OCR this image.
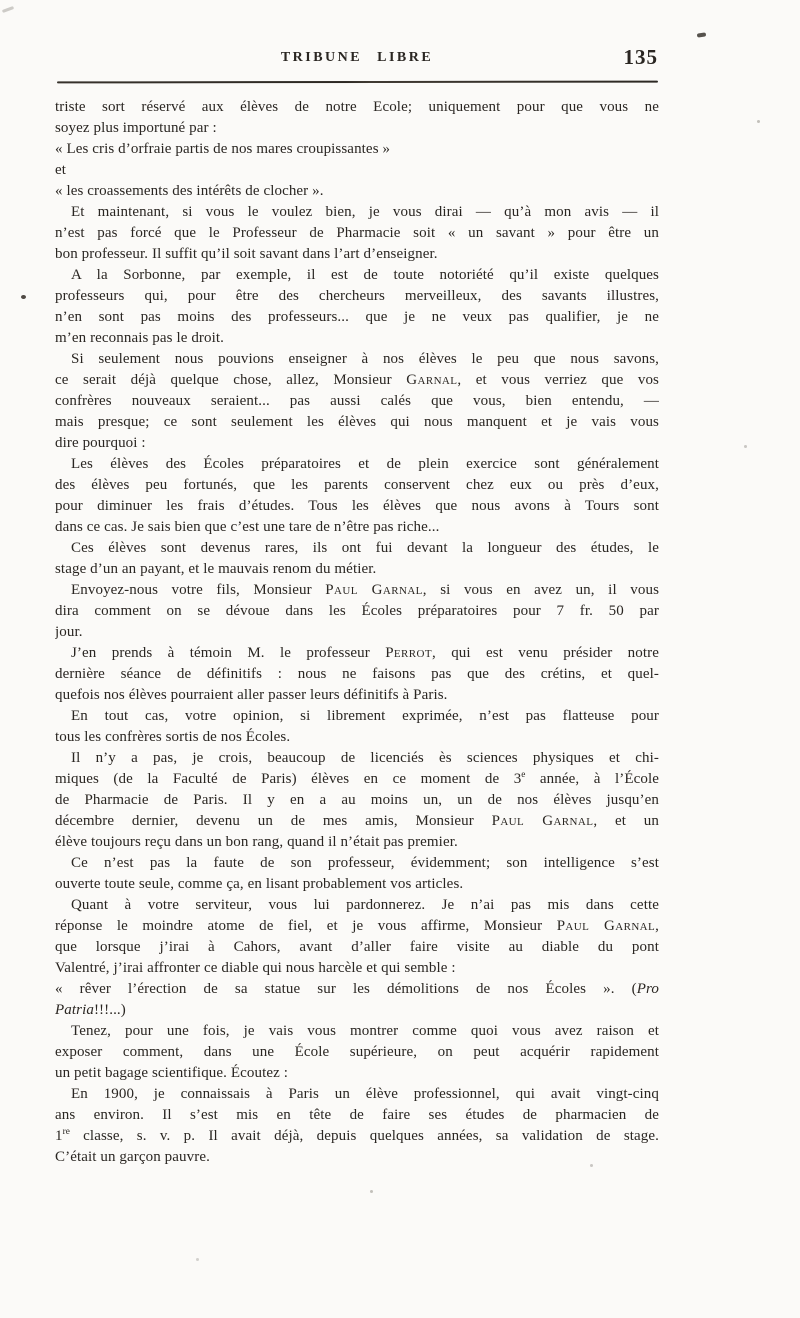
TRIBUNE LIBRE	135
triste sort réservé aux élèves de notre Ecole; uniquement pour que vous ne
soyez plus importuné par :
« Les cris d’orfraie partis de nos mares croupissantes »
et
« les croassements des intérêts de clocher ».
Et maintenant, si vous le voulez bien, je vous dirai — qu’à mon avis — il
n’est pas forcé que le Professeur de Pharmacie soit « un savant » pour être un
bon professeur. Il suffit qu’il soit savant dans l’art d’enseigner.
A la Sorbonne, par exemple, il est de toute notoriété qu’il existe quelques
professeurs qui, pour être des chercheurs merveilleux, des savants illustres,
n’en sont pas moins des professeurs... que je ne veux pas qualifier, je ne
m’en reconnais pas le droit.
Si seulement nous pouvions enseigner à nos élèves le peu que nous savons,
ce serait déjà quelque chose, allez, Monsieur Garnal, et vous verriez que vos
confrères nouveaux seraient... pas aussi calés que vous, bien entendu, —
mais presque; ce sont seulement les élèves qui nous manquent et je vais vous
dire pourquoi :
Les élèves des Écoles préparatoires et de plein exercice sont généralement
des élèves peu fortunés, que les parents conservent chez eux ou près d’eux,
pour diminuer les frais d’études. Tous les élèves que nous avons à Tours sont
dans ce cas. Je sais bien que c’est une tare de n’être pas riche...
Ces élèves sont devenus rares, ils ont fui devant la longueur des études, le
stage d’un an payant, et le mauvais renom du métier.
Envoyez-nous votre fils, Monsieur Paul Garnal, si vous en avez un, il vous
dira comment on se dévoue dans les Écoles préparatoires pour 7 fr. 50 par
jour.
J’en prends à témoin M. le professeur Perrot, qui est venu présider notre
dernière séance de définitifs : nous ne faisons pas que des crétins, et quel-
quefois nos élèves pourraient aller passer leurs définitifs à Paris.
En tout cas, votre opinion, si librement exprimée, n’est pas flatteuse pour
tous les confrères sortis de nos Écoles.
Il n’y a pas, je crois, beaucoup de licenciés ès sciences physiques et chi-
miques (de la Faculté de Paris) élèves en ce moment de 3e année, à l’École
de Pharmacie de Paris. Il y en a au moins un, un de nos élèves jusqu’en
décembre dernier, devenu un de mes amis, Monsieur Paul Garnal, et un
élève toujours reçu dans un bon rang, quand il n’était pas premier.
Ce n’est pas la faute de son professeur, évidemment; son intelligence s’est
ouverte toute seule, comme ça, en lisant probablement vos articles.
Quant à votre serviteur, vous lui pardonnerez. Je n’ai pas mis dans cette
réponse le moindre atome de fiel, et je vous affirme, Monsieur Paul Garnal,
que lorsque j’irai à Cahors, avant d’aller faire visite au diable du pont
Valentré, j’irai affronter ce diable qui nous harcèle et qui semble :
« rêver l’érection de sa statue sur les démolitions de nos Écoles ». (Pro
Patria!!!...)
Tenez, pour une fois, je vais vous montrer comme quoi vous avez raison et
exposer comment, dans une École supérieure, on peut acquérir rapidement
un petit bagage scientifique. Écoutez :
En 1900, je connaissais à Paris un élève professionnel, qui avait vingt-cinq
ans environ. Il s’est mis en tête de faire ses études de pharmacien de
1re classe, s. v. p. Il avait déjà, depuis quelques années, sa validation de stage.
C’était un garçon pauvre.
